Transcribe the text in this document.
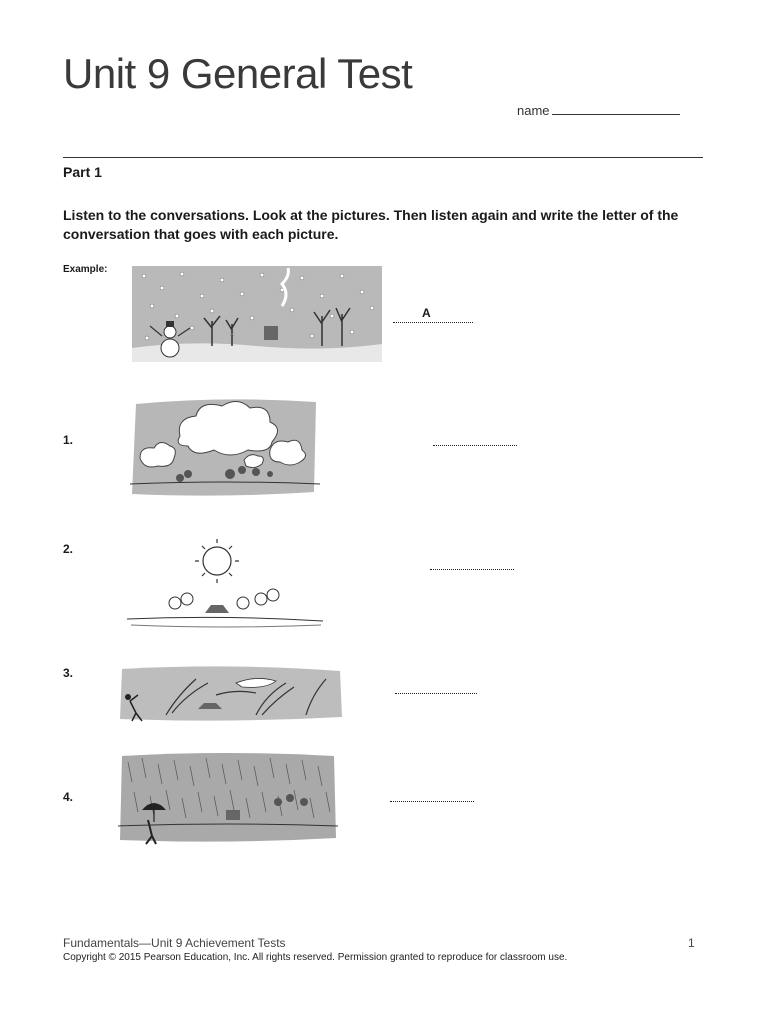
Unit 9 General Test
name
Part 1
Listen to the conversations. Look at the pictures. Then listen again and write the letter of the conversation that goes with each picture.
Example:
A
1.
2.
3.
4.
Fundamentals—Unit 9 Achievement Tests	1
Copyright © 2015 Pearson Education, Inc. All rights reserved. Permission granted to reproduce for classroom use.
